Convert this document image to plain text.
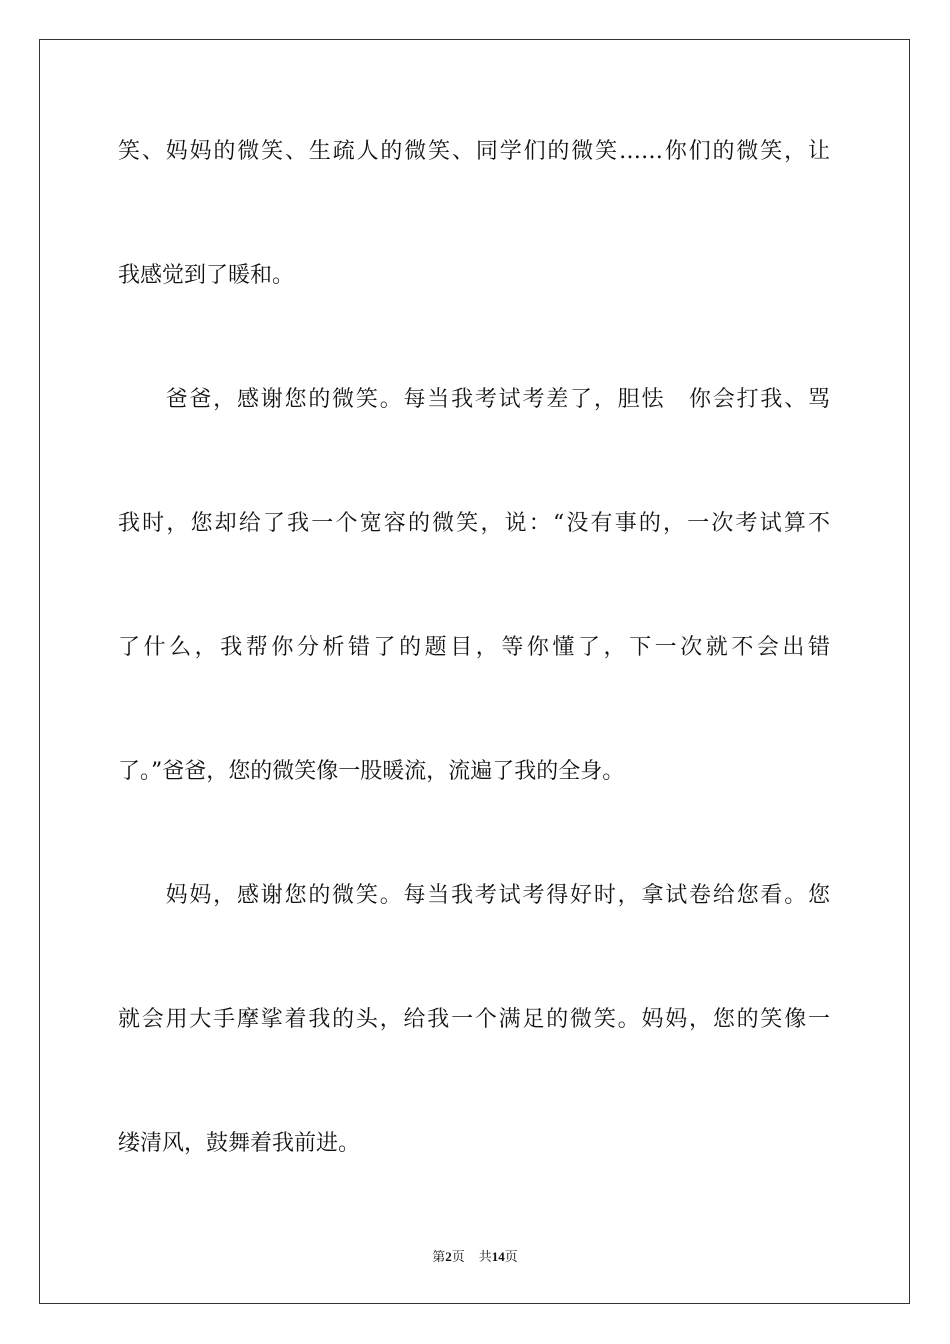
笑、妈妈的微笑、生疏人的微笑、同学们的微笑……你们的微笑，让
我感觉到了暖和。
　　爸爸，感谢您的微笑。每当我考试考差了，胆怯　你会打我、骂
我时，您却给了我一个宽容的微笑，说：“没有事的，一次考试算不
了什么，我帮你分析错了的题目，等你懂了，下一次就不会出错
了。”爸爸，您的微笑像一股暖流，流遍了我的全身。
　　妈妈，感谢您的微笑。每当我考试考得好时，拿试卷给您看。您
就会用大手摩挲着我的头，给我一个满足的微笑。妈妈，您的笑像一
缕清风，鼓舞着我前进。
第2页 共14页
